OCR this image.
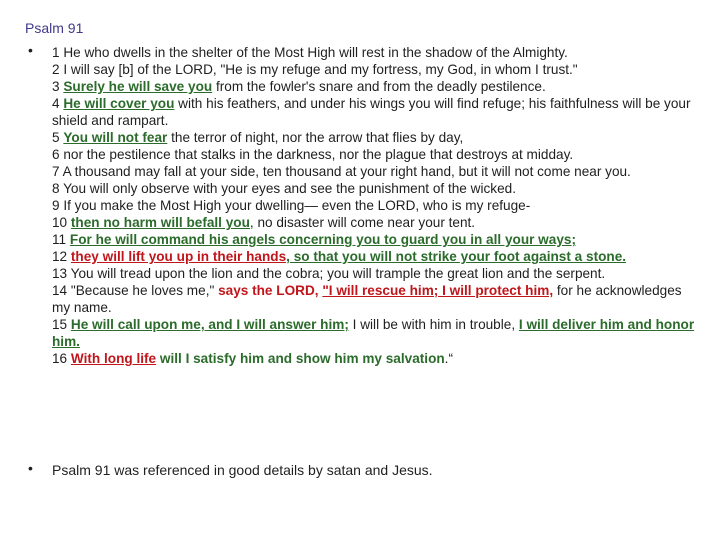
Psalm 91
• 1 He who dwells in the shelter of the Most High will rest in the shadow of the Almighty.
2 I will say [b] of the LORD, "He is my refuge and my fortress, my God, in whom I trust."
3 Surely he will save you from the fowler's snare and from the deadly pestilence.
4 He will cover you with his feathers, and under his wings you will find refuge; his faithfulness will be your shield and rampart.
5 You will not fear the terror of night, nor the arrow that flies by day,
6 nor the pestilence that stalks in the darkness, nor the plague that destroys at midday.
7 A thousand may fall at your side, ten thousand at your right hand, but it will not come near you.
8 You will only observe with your eyes and see the punishment of the wicked.
9 If you make the Most High your dwelling— even the LORD, who is my refuge-
10 then no harm will befall you, no disaster will come near your tent.
11 For he will command his angels concerning you to guard you in all your ways;
12 they will lift you up in their hands, so that you will not strike your foot against a stone.
13 You will tread upon the lion and the cobra; you will trample the great lion and the serpent.
14 "Because he loves me," says the LORD, "I will rescue him; I will protect him, for he acknowledges my name.
15 He will call upon me, and I will answer him; I will be with him in trouble, I will deliver him and honor him.
16 With long life will I satisfy him and show him my salvation.“
• Psalm 91 was referenced in good details by satan and Jesus.
